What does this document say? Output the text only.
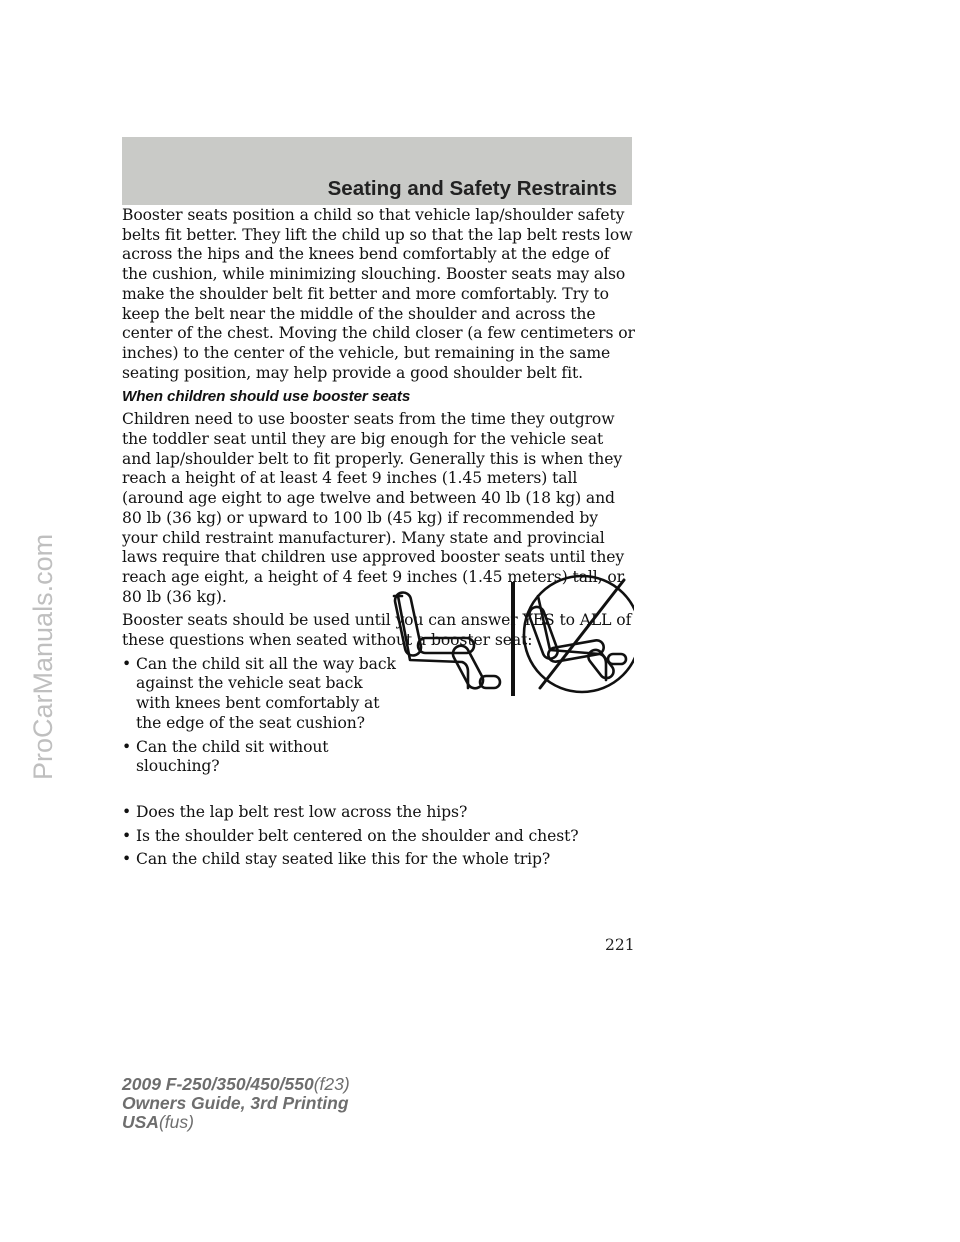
Seating and Safety Restraints

Booster seats position a child so that vehicle lap/shoulder safety belts fit better. They lift the child up so that the lap belt rests low across the hips and the knees bend comfortably at the edge of the cushion, while minimizing slouching. Booster seats may also make the shoulder belt fit better and more comfortably. Try to keep the belt near the middle of the shoulder and across the center of the chest. Moving the child closer (a few centimeters or inches) to the center of the vehicle, but remaining in the same seating position, may help provide a good shoulder belt fit.

When children should use booster seats

Children need to use booster seats from the time they outgrow the toddler seat until they are big enough for the vehicle seat and lap/shoulder belt to fit properly. Generally this is when they reach a height of at least 4 feet 9 inches (1.45 meters) tall (around age eight to age twelve and between 40 lb (18 kg) and 80 lb (36 kg) or upward to 100 lb (45 kg) if recommended by your child restraint manufacturer). Many state and provincial laws require that children use approved booster seats until they reach age eight, a height of 4 feet 9 inches (1.45 meters) tall, or 80 lb (36 kg).

Booster seats should be used until you can answer YES to ALL of these questions when seated without a booster seat:

• Can the child sit all the way back against the vehicle seat back with knees bent comfortably at the edge of the seat cushion?
• Can the child sit without slouching?
• Does the lap belt rest low across the hips?
• Is the shoulder belt centered on the shoulder and chest?
• Can the child stay seated like this for the whole trip?
221
2009 F-250/350/450/550(f23)
Owners Guide, 3rd Printing
USA(fus)
ProCarManuals.com
